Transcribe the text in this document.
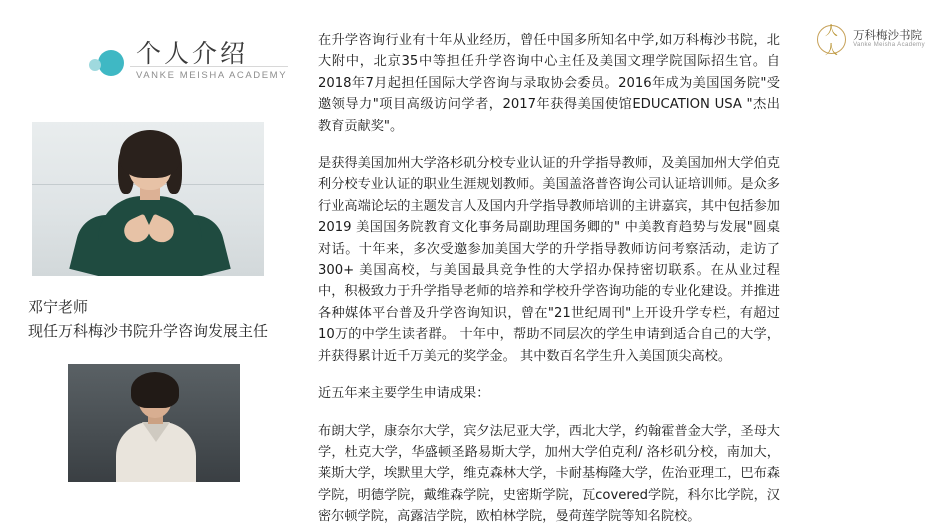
个人介绍
VANKE MEISHA ACADEMY
邓宁老师
现任万科梅沙书院升学咨询发展主任

在升学咨询行业有十年从业经历，曾任中国多所知名中学,如万科梅沙书院，北大附中，北京35中等担任升学咨询中心主任及美国文理学院国际招生官。自2018年7月起担任国际大学咨询与录取协会委员。2016年成为美国国务院"受邀领导力"项目高级访问学者，2017年获得美国使馆EDUCATION USA "杰出教育贡献奖"。

是获得美国加州大学洛杉矶分校专业认证的升学指导教师，及美国加州大学伯克利分校专业认证的职业生涯规划教师。美国盖洛普咨询公司认证培训师。是众多行业高端论坛的主题发言人及国内升学指导教师培训的主讲嘉宾，其中包括参加2019 美国国务院教育文化事务局副助理国务卿的" 中美教育趋势与发展"圆桌对话。十年来，多次受邀参加美国大学的升学指导教师访问考察活动，走访了300+ 美国高校，与美国最具竞争性的大学招办保持密切联系。在从业过程中，积极致力于升学指导老师的培养和学校升学咨询功能的专业化建设。并推进各种媒体平台普及升学咨询知识，曾在"21世纪周刊"上开设升学专栏，有超过10万的中学生读者群。 十年中，帮助不同层次的学生申请到适合自己的大学，并获得累计近千万美元的奖学金。 其中数百名学生升入美国顶尖高校。

近五年来主要学生申请成果：

布朗大学，康奈尔大学，宾夕法尼亚大学，西北大学，约翰霍普金大学，圣母大学，杜克大学，华盛顿圣路易斯大学，加州大学伯克利/ 洛杉矶分校，南加大，莱斯大学，埃默里大学，维克森林大学，卡耐基梅隆大学，佐治亚理工，巴布森学院，明德学院，戴维森学院，史密斯学院，瓦covered学院，科尔比学院，汉密尔顿学院，高露洁学院，欧柏林学院，曼荷莲学院等知名院校。

人人
万科梅沙书院
Vanke Meisha Academy
